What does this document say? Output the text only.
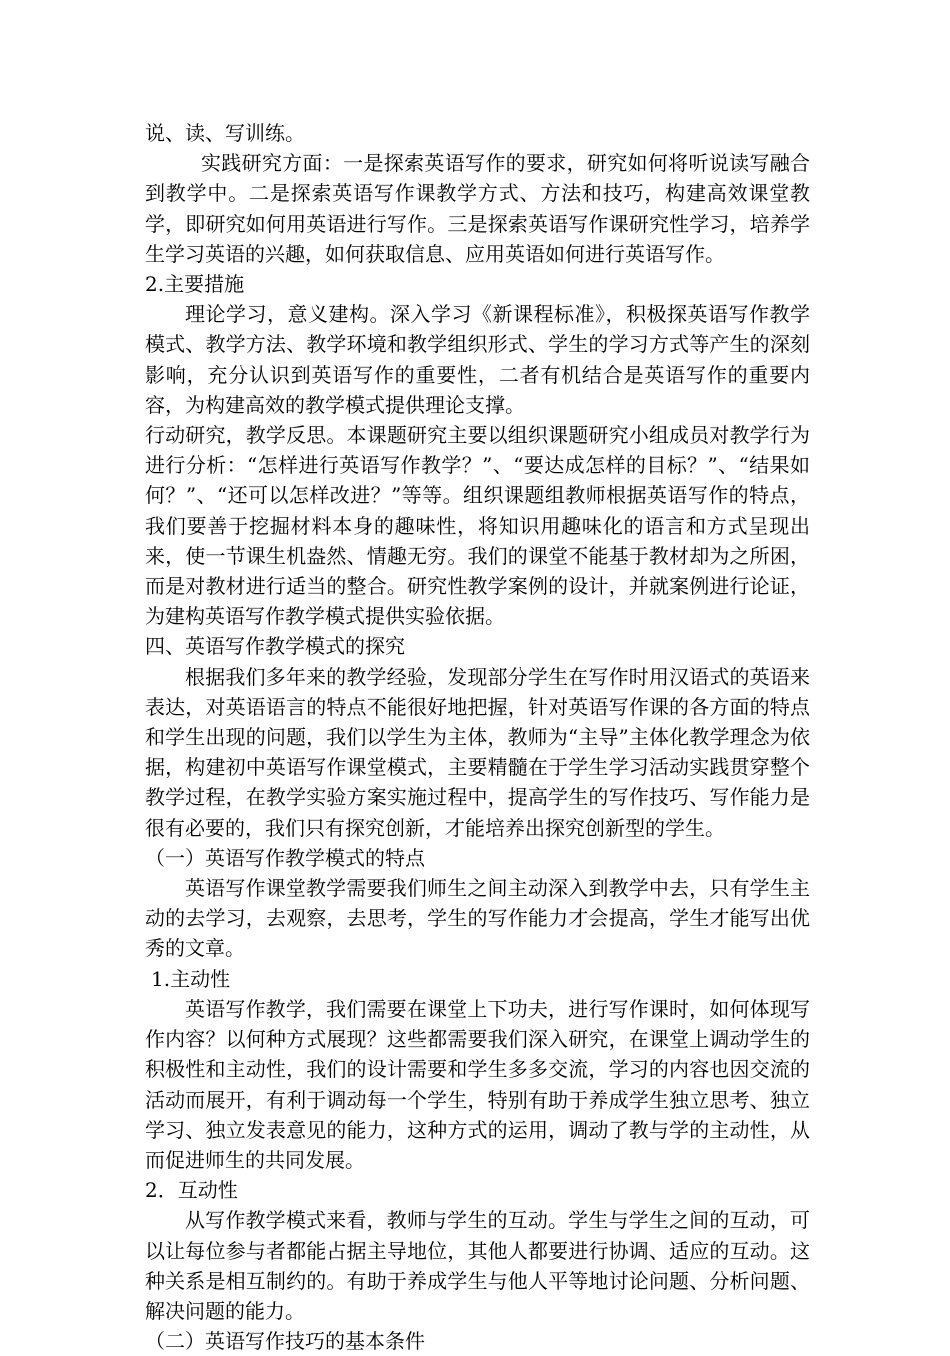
说、读、写训练。

实践研究方面：一是探索英语写作的要求，研究如何将听说读写融合到教学中。二是探索英语写作课教学方式、方法和技巧，构建高效课堂教学，即研究如何用英语进行写作。三是探索英语写作课研究性学习，培养学生学习英语的兴趣，如何获取信息、应用英语如何进行英语写作。

2.主要措施

理论学习，意义建构。深入学习《新课程标准》，积极探英语写作教学模式、教学方法、教学环境和教学组织形式、学生的学习方式等产生的深刻影响，充分认识到英语写作的重要性，二者有机结合是英语写作的重要内容，为构建高效的教学模式提供理论支撑。

行动研究，教学反思。本课题研究主要以组织课题研究小组成员对教学行为进行分析：“怎样进行英语写作教学？”、“要达成怎样的目标？”、“结果如何？”、“还可以怎样改进？”等等。组织课题组教师根据英语写作的特点，我们要善于挖掘材料本身的趣味性，将知识用趣味化的语言和方式呈现出来，使一节课生机盎然、情趣无穷。我们的课堂不能基于教材却为之所困，而是对教材进行适当的整合。研究性教学案例的设计，并就案例进行论证，为建构英语写作教学模式提供实验依据。

四、英语写作教学模式的探究

根据我们多年来的教学经验，发现部分学生在写作时用汉语式的英语来表达，对英语语言的特点不能很好地把握，针对英语写作课的各方面的特点和学生出现的问题，我们以学生为主体，教师为“主导”主体化教学理念为依据，构建初中英语写作课堂模式，主要精髓在于学生学习活动实践贯穿整个教学过程，在教学实验方案实施过程中，提高学生的写作技巧、写作能力是很有必要的，我们只有探究创新，才能培养出探究创新型的学生。

（一）英语写作教学模式的特点

英语写作课堂教学需要我们师生之间主动深入到教学中去，只有学生主动的去学习，去观察，去思考，学生的写作能力才会提高，学生才能写出优秀的文章。

1.主动性

英语写作教学，我们需要在课堂上下功夫，进行写作课时，如何体现写作内容？以何种方式展现？这些都需要我们深入研究，在课堂上调动学生的积极性和主动性，我们的设计需要和学生多多交流，学习的内容也因交流的活动而展开，有利于调动每一个学生，特别有助于养成学生独立思考、独立学习、独立发表意见的能力，这种方式的运用，调动了教与学的主动性，从而促进师生的共同发展。

2．互动性

从写作教学模式来看，教师与学生的互动。学生与学生之间的互动，可以让每位参与者都能占据主导地位，其他人都要进行协调、适应的互动。这种关系是相互制约的。有助于养成学生与他人平等地讨论问题、分析问题、解决问题的能力。

（二）英语写作技巧的基本条件
